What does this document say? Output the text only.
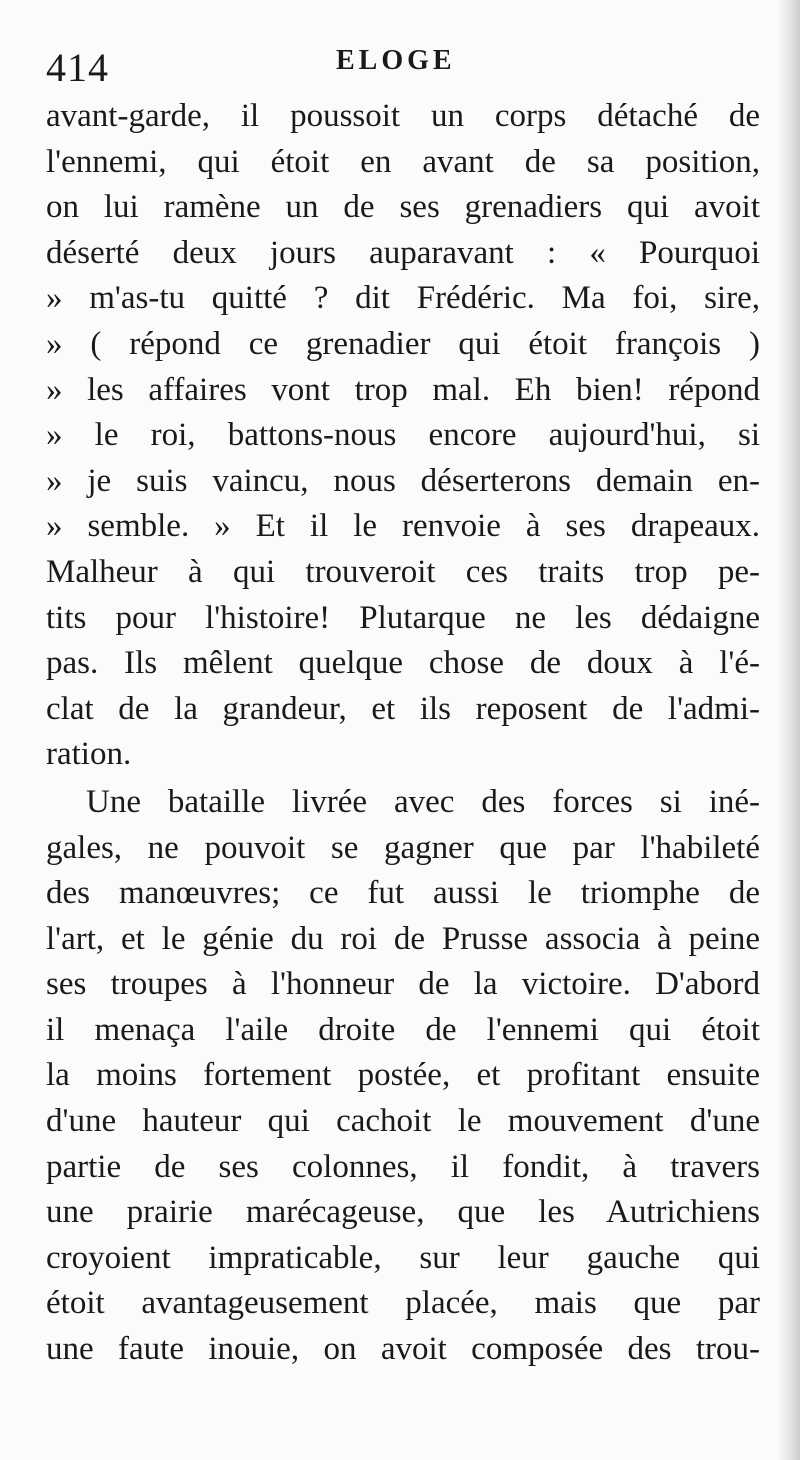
414	ELOGE
avant-garde, il poussoit un corps détaché de
l'ennemi, qui étoit en avant de sa position,
on lui ramène un de ses grenadiers qui avoit
déserté deux jours auparavant : « Pourquoi
» m'as-tu quitté ? dit Frédéric. Ma foi, sire,
» ( répond ce grenadier qui étoit françois )
» les affaires vont trop mal. Eh bien! répond
» le roi, battons-nous encore aujourd'hui, si
» je suis vaincu, nous déserterons demain en-
» semble. » Et il le renvoie à ses drapeaux.
Malheur à qui trouveroit ces traits trop pe-
tits pour l'histoire! Plutarque ne les dédaigne
pas. Ils mêlent quelque chose de doux à l'é-
clat de la grandeur, et ils reposent de l'admi-
ration.
Une bataille livrée avec des forces si iné-
gales, ne pouvoit se gagner que par l'habileté
des manœuvres; ce fut aussi le triomphe de
l'art, et le génie du roi de Prusse associa à peine
ses troupes à l'honneur de la victoire. D'abord
il menaça l'aile droite de l'ennemi qui étoit
la moins fortement postée, et profitant ensuite
d'une hauteur qui cachoit le mouvement d'une
partie de ses colonnes, il fondit, à travers
une prairie marécageuse, que les Autrichiens
croyoient impraticable, sur leur gauche qui
étoit avantageusement placée, mais que par
une faute inouie, on avoit composée des trou-
